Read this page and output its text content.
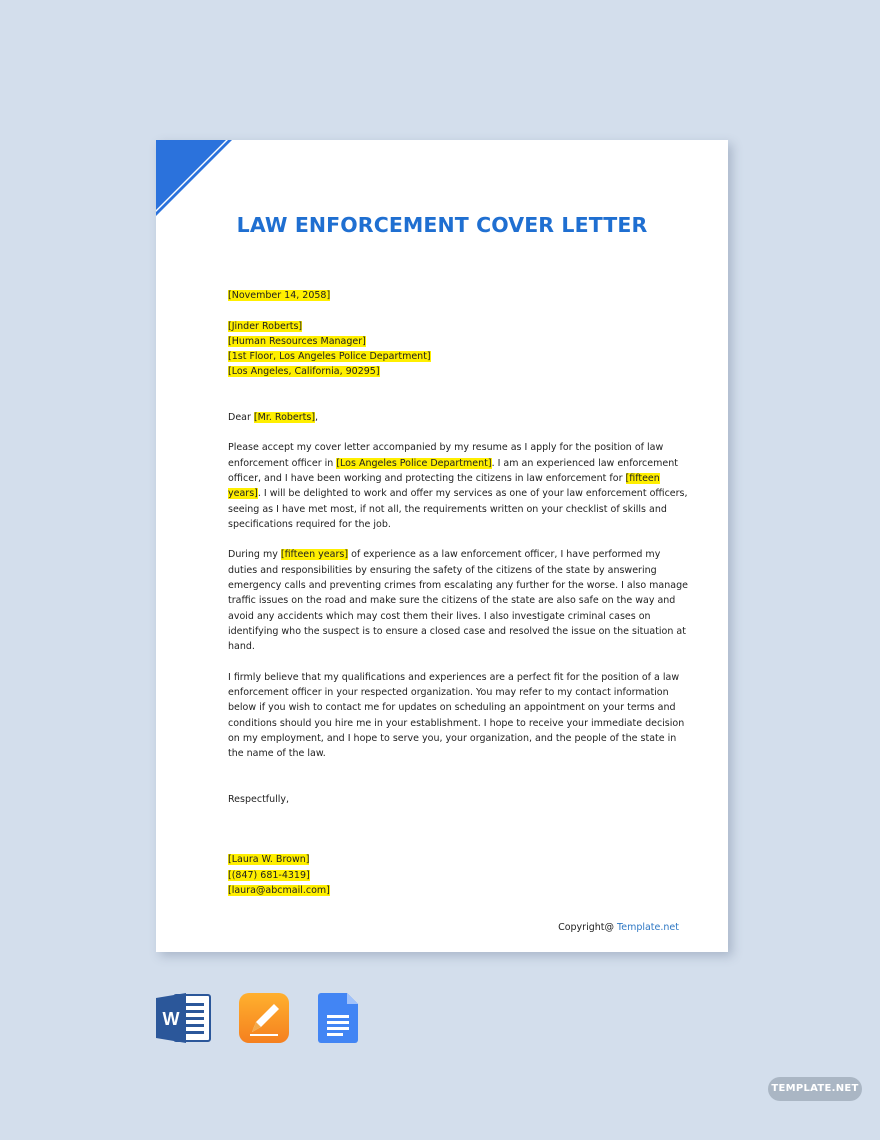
LAW ENFORCEMENT COVER LETTER
[November 14, 2058]
[Jinder Roberts]
[Human Resources Manager]
[1st Floor, Los Angeles Police Department]
[Los Angeles, California, 90295]
Dear [Mr. Roberts],

Please accept my cover letter accompanied by my resume as I apply for the position of law enforcement officer in [Los Angeles Police Department]. I am an experienced law enforcement officer, and I have been working and protecting the citizens in law enforcement for [fifteen years]. I will be delighted to work and offer my services as one of your law enforcement officers, seeing as I have met most, if not all, the requirements written on your checklist of skills and specifications required for the job.

During my [fifteen years] of experience as a law enforcement officer, I have performed my duties and responsibilities by ensuring the safety of the citizens of the state by answering emergency calls and preventing crimes from escalating any further for the worse. I also manage traffic issues on the road and make sure the citizens of the state are also safe on the way and avoid any accidents which may cost them their lives. I also investigate criminal cases on identifying who the suspect is to ensure a closed case and resolved the issue on the situation at hand.

I firmly believe that my qualifications and experiences are a perfect fit for the position of a law enforcement officer in your respected organization. You may refer to my contact information below if you wish to contact me for updates on scheduling an appointment on your terms and conditions should you hire me in your establishment. I hope to receive your immediate decision on my employment, and I hope to serve you, your organization, and the people of the state in the name of the law.

Respectfully,
[Laura W. Brown]
[(847) 681-4319]
[laura@abcmail.com]
Copyright@ Template.net
W
TEMPLATE.NET
